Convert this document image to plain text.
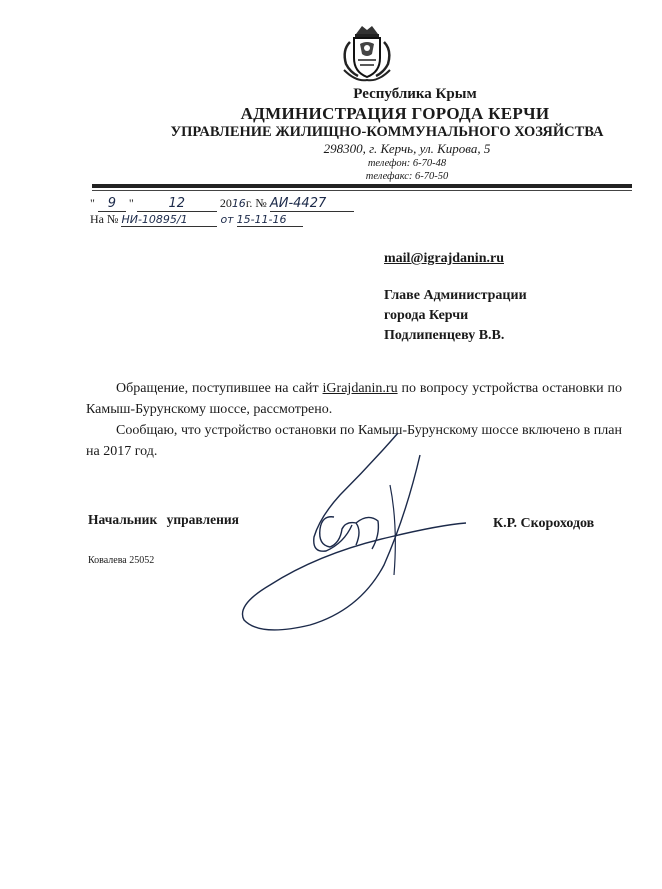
Республика Крым
АДМИНИСТРАЦИЯ ГОРОДА КЕРЧИ
УПРАВЛЕНИЕ ЖИЛИЩНО-КОММУНАЛЬНОГО ХОЗЯЙСТВА
298300, г. Керчь, ул. Кирова, 5
телефон: 6-70-48
телефакс: 6-70-50
" 9 "	12	2016г. № АИ-4427
На № НИ-10895/1	от 15-11-16
mail@igrajdanin.ru
Главе Администрации
города Керчи
Подлипенцеву В.В.
Обращение, поступившее на сайт iGrajdanin.ru по вопросу устройства остановки по Камыш-Бурунскому шоссе, рассмотрено.
Сообщаю, что устройство остановки по Камыш-Бурунскому шоссе включено в план на 2017 год.
Начальник управления	К.Р. Скороходов
Ковалева 25052
